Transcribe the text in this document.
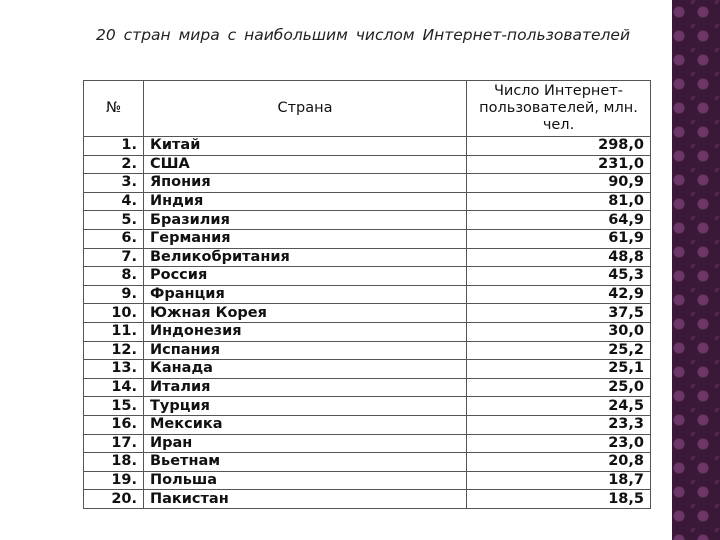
20 стран мира с наибольшим числом Интернет-пользователей
№	Страна	Число Интернет-пользователей, млн. чел.
1.	Китай	298,0
2.	США	231,0
3.	Япония	90,9
4.	Индия	81,0
5.	Бразилия	64,9
6.	Германия	61,9
7.	Великобритания	48,8
8.	Россия	45,3
9.	Франция	42,9
10.	Южная Корея	37,5
11.	Индонезия	30,0
12.	Испания	25,2
13.	Канада	25,1
14.	Италия	25,0
15.	Турция	24,5
16.	Мексика	23,3
17.	Иран	23,0
18.	Вьетнам	20,8
19.	Польша	18,7
20.	Пакистан	18,5
